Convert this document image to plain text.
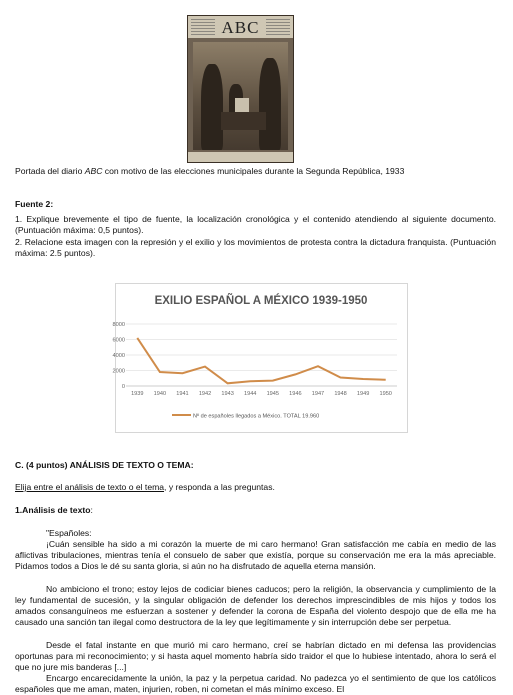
ABC
Portada del diario ABC con motivo de las elecciones municipales durante la Segunda República, 1933
Fuente 2:
1. Explique brevemente el tipo de fuente, la localización cronológica y el contenido atendiendo al siguiente documento. (Puntuación máxima: 0,5 puntos).
2. Relacione esta imagen con la represión y el exilio y los movimientos de protesta contra la dictadura franquista. (Puntuación máxima: 2.5 puntos).
EXILIO ESPAÑOL A MÉXICO 1939-1950
0
2000
4000
6000
8000
1939 1940 1941 1942 1943 1944 1945 1946 1947 1948 1949 1950
Nº de españoles llegados a México. TOTAL 19.960
C. (4 puntos) ANÁLISIS DE TEXTO O TEMA:
Elija entre el análisis de texto o el tema, y responda a las preguntas.
1.Análisis de texto:
"Españoles:
¡Cuán sensible ha sido a mi corazón la muerte de mi caro hermano! Gran satisfacción me cabía en medio de las aflictivas tribulaciones, mientras tenía el consuelo de saber que existía, porque su conservación me era la más apreciable. Pidamos todos a Dios le dé su santa gloria, si aún no ha disfrutado de aquella eterna mansión.
No ambiciono el trono; estoy lejos de codiciar bienes caducos; pero la religión, la observancia y cumplimiento de la ley fundamental de sucesión, y la singular obligación de defender los derechos imprescindibles de mis hijos y todos los amados consanguíneos me esfuerzan a sostener y defender la corona de España del violento despojo que de ella me ha causado una sanción tan ilegal como destructora de la ley que legítimamente y sin interrupción debe ser perpetua.
Desde el fatal instante en que murió mi caro hermano, creí se habrían dictado en mi defensa las providencias oportunas para mi reconocimiento; y si hasta aquel momento habría sido traidor el que lo hubiese intentado, ahora lo será el que no jure mis banderas [...]
Encargo encarecidamente la unión, la paz y la perpetua caridad. No padezca yo el sentimiento de que los católicos españoles que me aman, maten, injurien, roben, ni cometan el más mínimo exceso. El
